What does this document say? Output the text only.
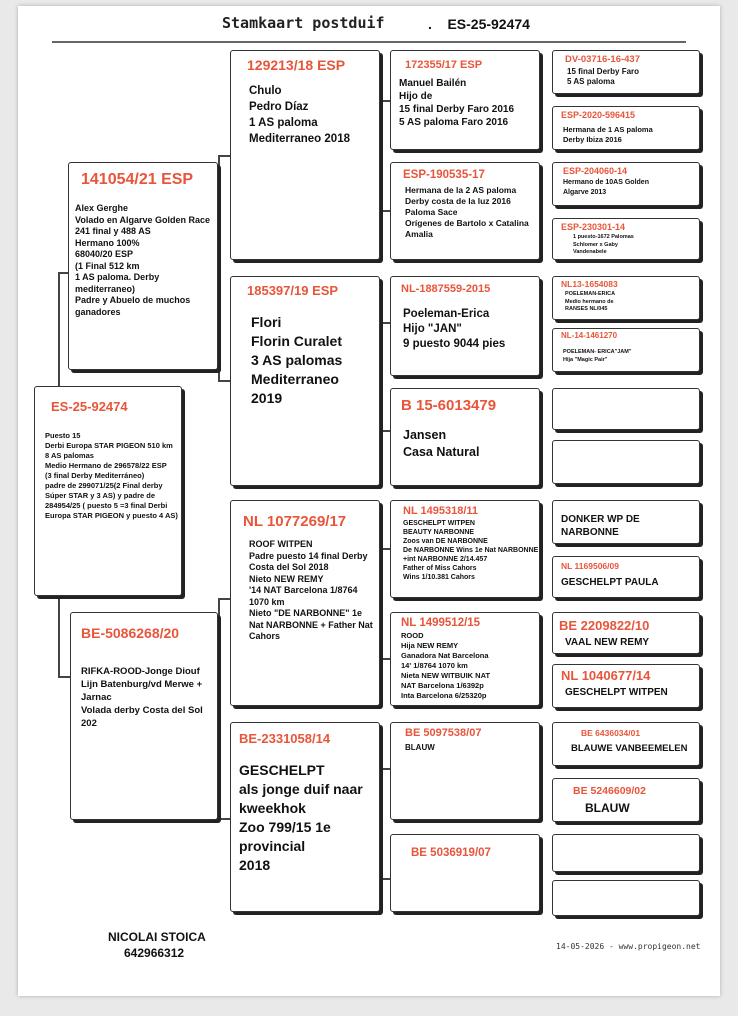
Stamkaart postduif	. ES-25-92474
ES-25-92474
Puesto 15
Derbi Europa STAR PIGEON 510 km
8 AS palomas
Medio Hermano de 296578/22 ESP
(3 final Derby Mediterráneo)
padre de 299071/25(2 Final derby Súper STAR y 3 AS) y padre de 284954/25 ( puesto 5 =3 final Derbi Europa STAR PIGEON y puesto 4 AS)
141054/21 ESP
Alex Gerghe
Volado en Algarve Golden Race
241 final y 488 AS
Hermano 100%
68040/20 ESP
(1 Final 512 km
1 AS paloma. Derby mediterraneo)
Padre y Abuelo de muchos ganadores
BE-5086268/20
RIFKA-ROOD-Jonge Diouf
Lijn Batenburg/vd Merwe + Jarnac
Volada derby Costa del Sol 202
129213/18 ESP
Chulo
Pedro Díaz
1 AS paloma
Mediterraneo 2018
185397/19 ESP
Flori
Florin Curalet
3 AS palomas
Mediterraneo
2019
NL 1077269/17
ROOF WITPEN
Padre puesto 14 final Derby Costa del Sol 2018
Nieto NEW REMY
'14 NAT Barcelona 1/8764 1070 km
Nieto "DE NARBONNE" 1e Nat NARBONNE + Father Nat Cahors
BE-2331058/14
GESCHELPT
als jonge duif naar kweekhok
Zoo 799/15 1e provincial
2018
172355/17 ESP
Manuel Bailén
Hijo de
15 final Derby Faro 2016
5 AS paloma Faro 2016
ESP-190535-17
Hermana de la 2 AS paloma Derby costa de la luz 2016
Paloma Sace
Orígenes de Bartolo x Catalina Amalia
NL-1887559-2015
Poeleman-Erica
Hijo "JAN"
9 puesto 9044 pies
B 15-6013479
Jansen
Casa Natural
NL 1495318/11
GESCHELPT WITPEN
BEAUTY NARBONNE
Zoos van DE NARBONNE
De NARBONNE Wins 1e Nat NARBONNE
+int NARBONNE 2/14.457
Father of Miss Cahors
Wins 1/10.381 Cahors
NL 1499512/15
ROOD
Hija NEW REMY
Ganadora Nat Barcelona
14' 1/8764 1070 km
Nieta NEW WITBUIK NAT
NAT Barcelona 1/6392p
Inta Barcelona 6/25320p
BE 5097538/07
BLAUW
BE 5036919/07
DV-03716-16-437
15 final Derby Faro
5 AS paloma
ESP-2020-596415
Hermana de 1 AS paloma
Derby Ibiza 2016
ESP-204060-14
Hermano de 10AS Golden
Algarve 2013
ESP-230301-14
1 puesto-1672 Palomas
Schlomer x Gaby
Vandenabele
NL13-1654083
POELEMAN-ERICA
Medio hermano de
RANSES NL/045
NL-14-1461270
POELEMAN- ERICA"JAM"
Hija "Magic Pair"
DONKER WP DE NARBONNE
NL 1169506/09
GESCHELPT PAULA
BE 2209822/10
VAAL NEW REMY
NL 1040677/14
GESCHELPT WITPEN
BE 6436034/01
BLAUWE VANBEEMELEN
BE 5246609/02
BLAUW
NICOLAI STOICA
642966312	14-05-2026 - www.propigeon.net
